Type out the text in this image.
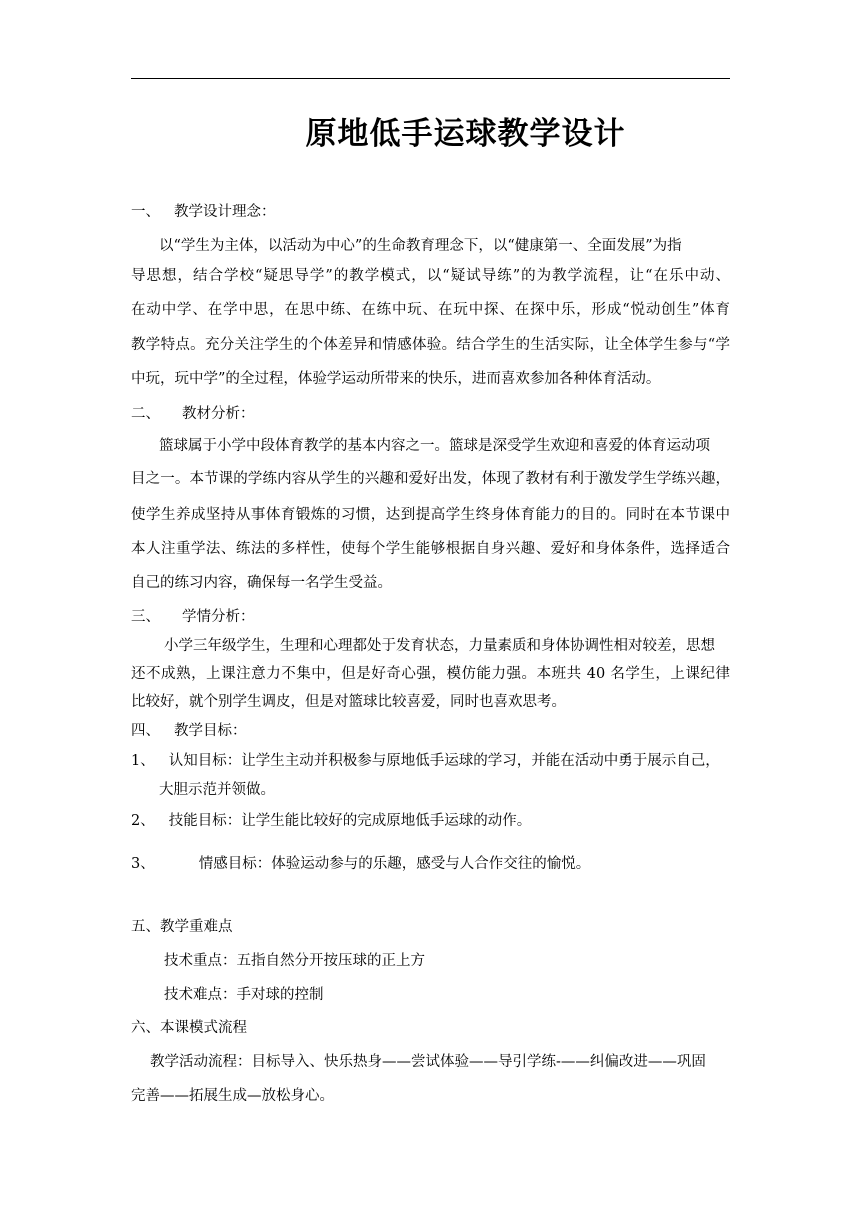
原地低手运球教学设计
一、 教学设计理念：
以“学生为主体，以活动为中心”的生命教育理念下，以“健康第一、全面发展”为指
导思想，结合学校“疑思导学”的教学模式，以“疑试导练”的为教学流程，让“在乐中动、
在动中学、在学中思，在思中练、在练中玩、在玩中探、在探中乐，形成“悦动创生”体育
教学特点。充分关注学生的个体差异和情感体验。结合学生的生活实际，让全体学生参与“学
中玩，玩中学”的全过程，体验学运动所带来的快乐，进而喜欢参加各种体育活动。
二、 教材分析：
篮球属于小学中段体育教学的基本内容之一。篮球是深受学生欢迎和喜爱的体育运动项
目之一。本节课的学练内容从学生的兴趣和爱好出发，体现了教材有利于激发学生学练兴趣，
使学生养成坚持从事体育锻炼的习惯，达到提高学生终身体育能力的目的。同时在本节课中
本人注重学法、练法的多样性，使每个学生能够根据自身兴趣、爱好和身体条件，选择适合
自己的练习内容，确保每一名学生受益。
三、 学情分析：
小学三年级学生，生理和心理都处于发育状态，力量素质和身体协调性相对较差，思想
还不成熟，上课注意力不集中，但是好奇心强，模仿能力强。本班共 40 名学生，上课纪律
比较好，就个别学生调皮，但是对篮球比较喜爱，同时也喜欢思考。
四、 教学目标：
1、 认知目标：让学生主动并积极参与原地低手运球的学习，并能在活动中勇于展示自己，
大胆示范并领做。
2、 技能目标：让学生能比较好的完成原地低手运球的动作。
3、	情感目标：体验运动参与的乐趣，感受与人合作交往的愉悦。
五、教学重难点
技术重点：五指自然分开按压球的正上方
技术难点：手对球的控制
六、本课模式流程
教学活动流程：目标导入、快乐热身——尝试体验——导引学练-——纠偏改进——巩固
完善——拓展生成—放松身心。
